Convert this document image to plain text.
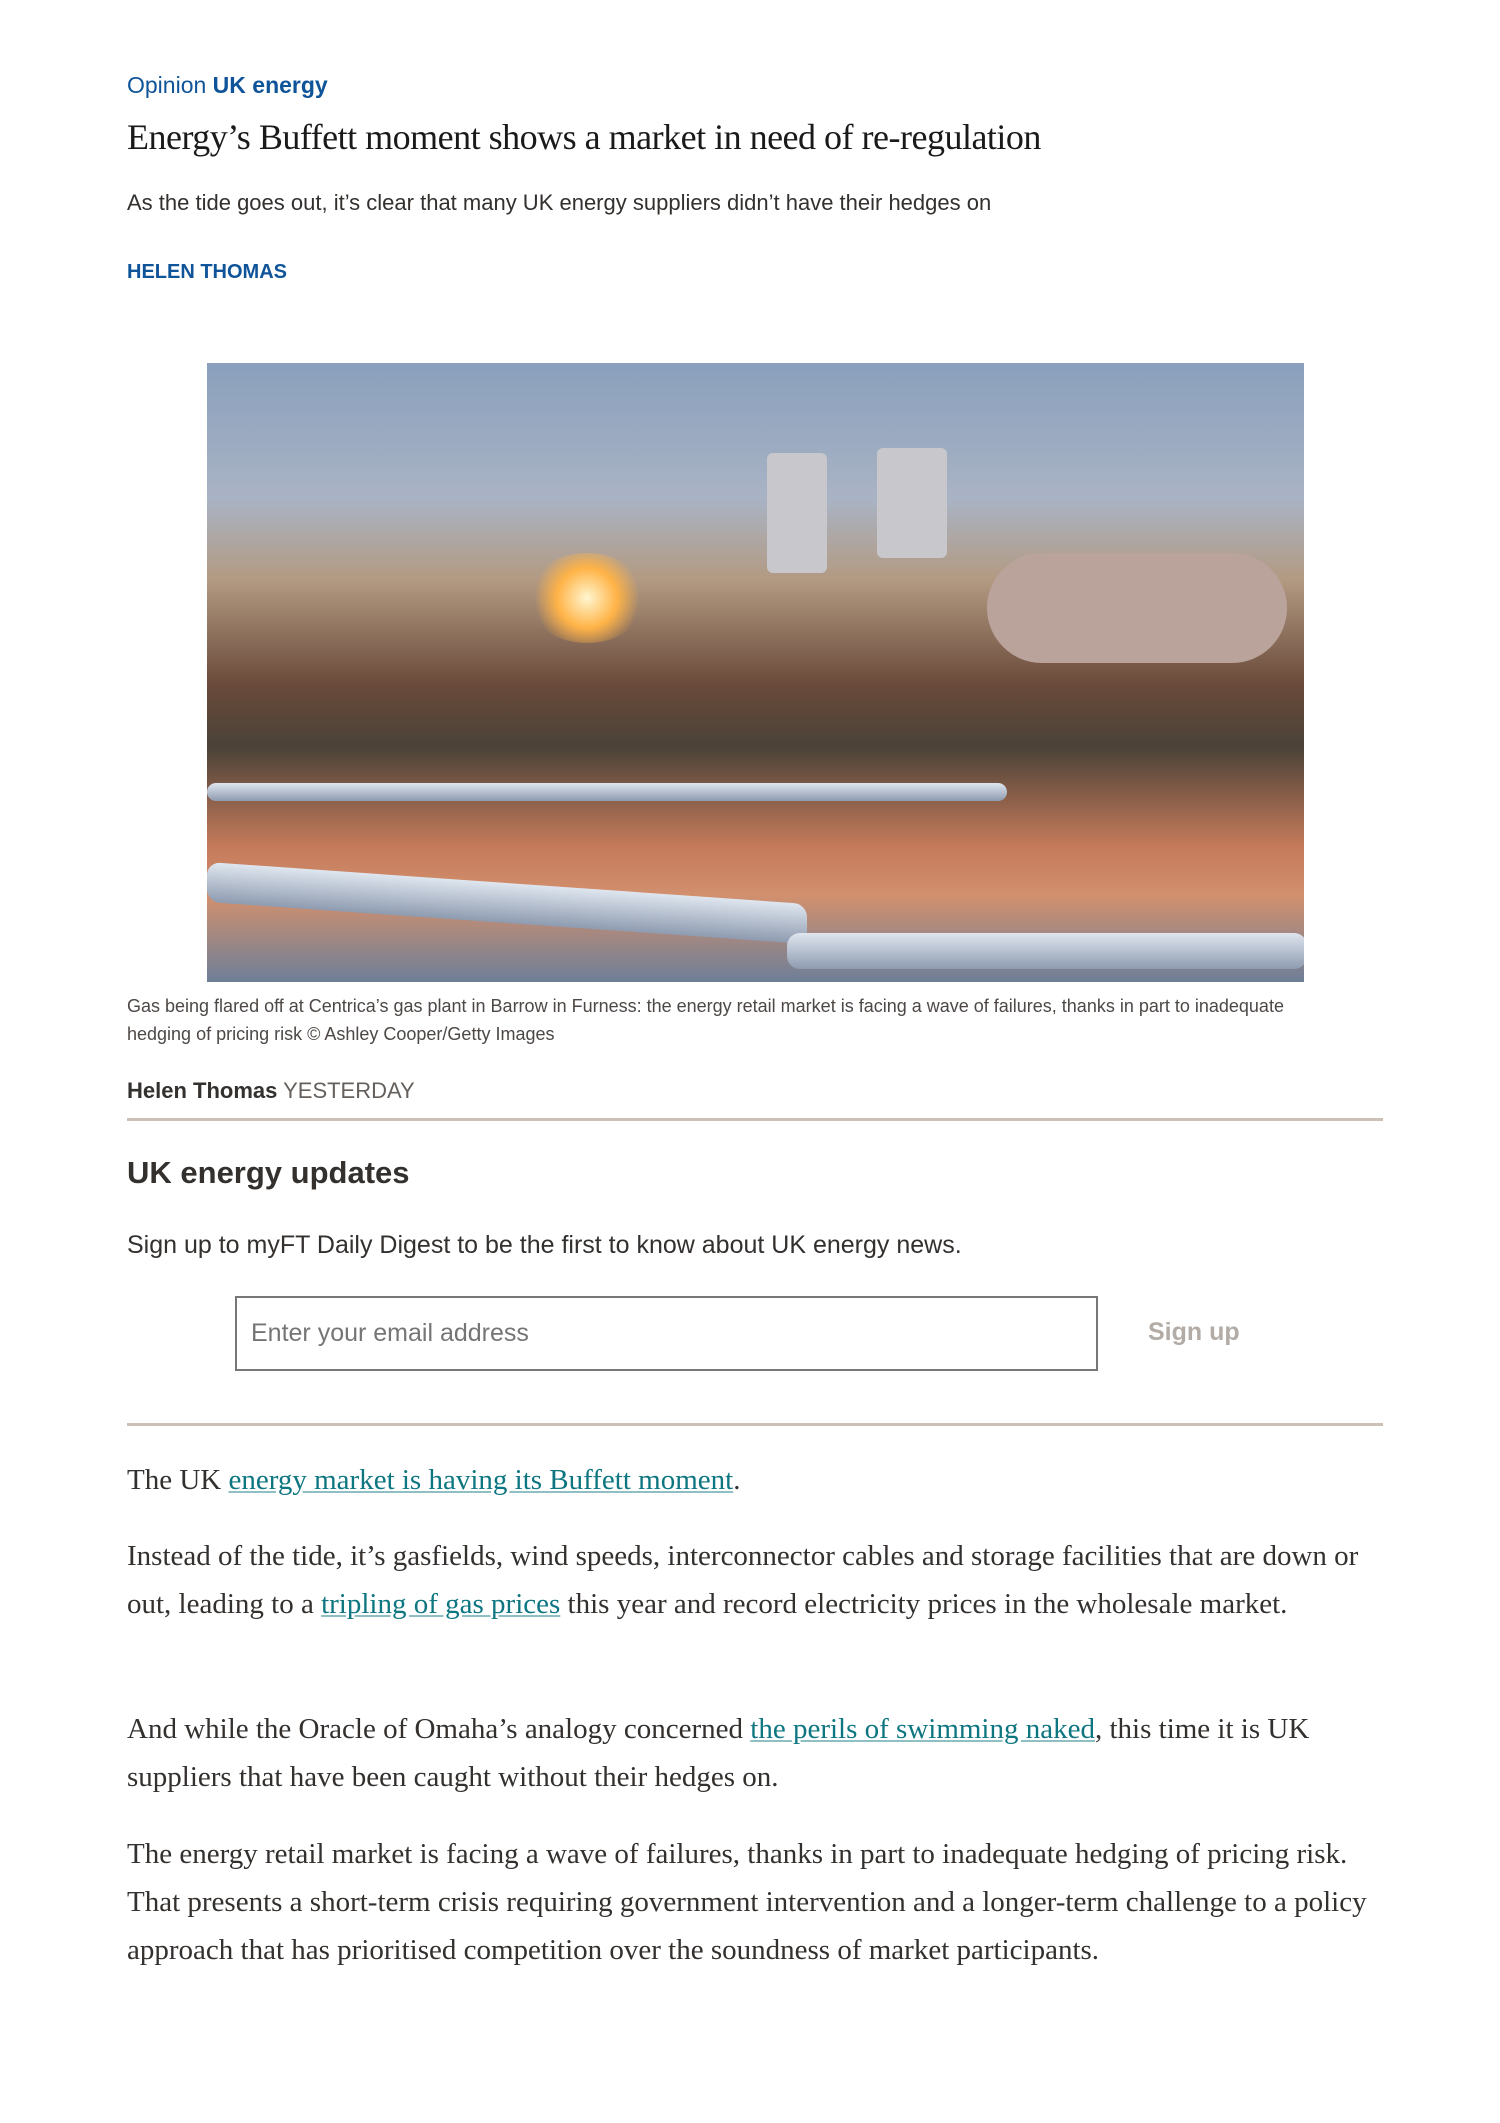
Opinion UK energy
Energy’s Buffett moment shows a market in need of re-regulation
As the tide goes out, it’s clear that many UK energy suppliers didn’t have their hedges on
HELEN THOMAS
Gas being flared off at Centrica’s gas plant in Barrow in Furness: the energy retail market is facing a wave of failures, thanks in part to inadequate hedging of pricing risk © Ashley Cooper/Getty Images
Helen Thomas YESTERDAY
UK energy updates
Sign up to myFT Daily Digest to be the first to know about UK energy news.
Enter your email address
Sign up

The UK energy market is having its Buffett moment.

Instead of the tide, it’s gasfields, wind speeds, interconnector cables and storage facilities that are down or out, leading to a tripling of gas prices this year and record electricity prices in the wholesale market.

And while the Oracle of Omaha’s analogy concerned the perils of swimming naked, this time it is UK suppliers that have been caught without their hedges on.

The energy retail market is facing a wave of failures, thanks in part to inadequate hedging of pricing risk. That presents a short-term crisis requiring government intervention and a longer-term challenge to a policy approach that has prioritised competition over the soundness of market participants.
